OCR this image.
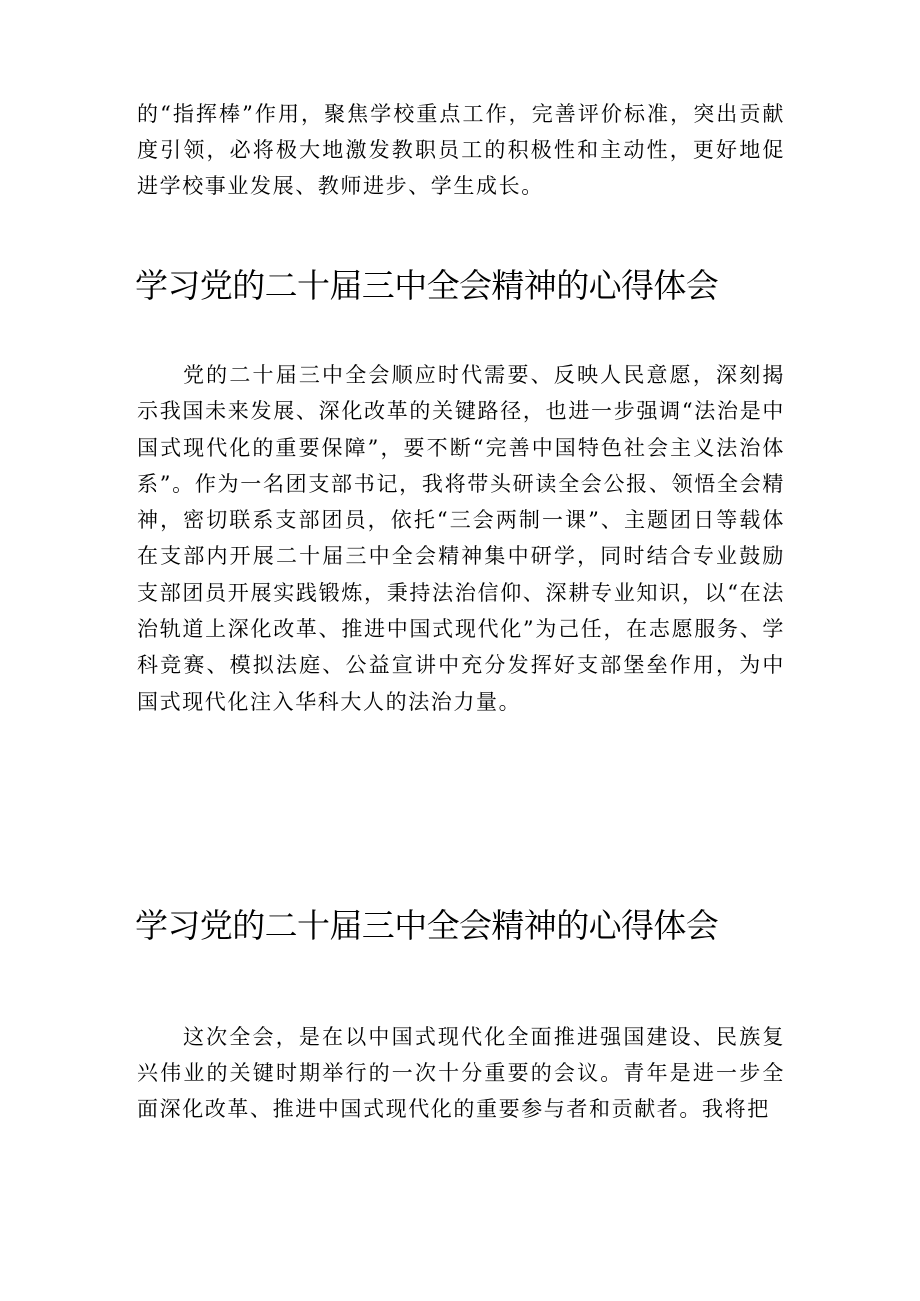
的“指挥棒”作用，聚焦学校重点工作，完善评价标准，突出贡献度引领，必将极大地激发教职员工的积极性和主动性，更好地促进学校事业发展、教师进步、学生成长。

学习党的二十届三中全会精神的心得体会

党的二十届三中全会顺应时代需要、反映人民意愿，深刻揭示我国未来发展、深化改革的关键路径，也进一步强调“法治是中国式现代化的重要保障”，要不断“完善中国特色社会主义法治体系”。作为一名团支部书记，我将带头研读全会公报、领悟全会精神，密切联系支部团员，依托“三会两制一课”、主题团日等载体在支部内开展二十届三中全会精神集中研学，同时结合专业鼓励支部团员开展实践锻炼，秉持法治信仰、深耕专业知识，以“在法治轨道上深化改革、推进中国式现代化”为己任，在志愿服务、学科竞赛、模拟法庭、公益宣讲中充分发挥好支部堡垒作用，为中国式现代化注入华科大人的法治力量。

学习党的二十届三中全会精神的心得体会

这次全会，是在以中国式现代化全面推进强国建设、民族复兴伟业的关键时期举行的一次十分重要的会议。青年是进一步全面深化改革、推进中国式现代化的重要参与者和贡献者。我将把
